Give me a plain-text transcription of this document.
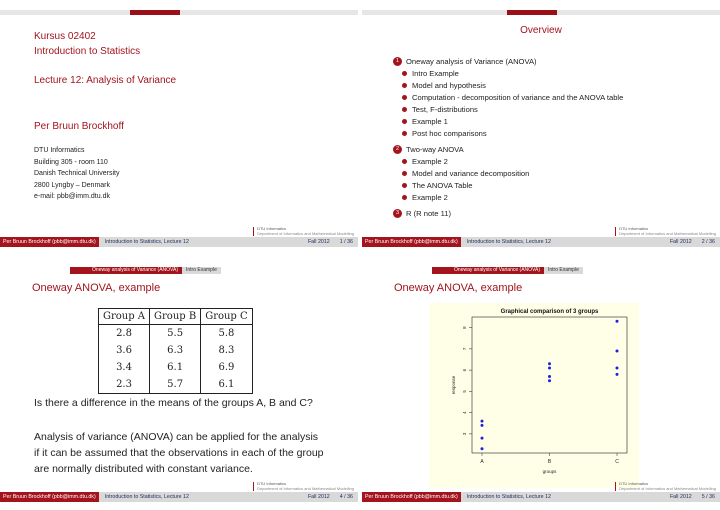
Kursus 02402
Introduction to Statistics
Lecture 12: Analysis of Variance
Per Bruun Brockhoff
DTU Informatics
Building 305 - room 110
Danish Technical University
2800 Lyngby – Denmark
e-mail: pbb@imm.dtu.dk
DTU Informatics
Department of Informatics and Mathematical Modelling
Per Bruun Brockhoff (pbb@imm.dtu.dk)	Introduction to Statistics, Lecture 12	Fall 2012	1 / 36
Overview
1 Oneway analysis of Variance (ANOVA)
Intro Example
Model and hypothesis
Computation - decomposition of variance and the ANOVA table
Test, F-distributions
Example 1
Post hoc comparisons
2 Two-way ANOVA
Example 2
Model and variance decomposition
The ANOVA Table
Example 2
3 R (R note 11)
DTU Informatics
Department of Informatics and Mathematical Modelling
Per Bruun Brockhoff (pbb@imm.dtu.dk)	Introduction to Statistics, Lecture 12	Fall 2012	2 / 36
Oneway analysis of Variance (ANOVA)	Intro Example
Oneway ANOVA, example
Group A	Group B	Group C
2.8	5.5	5.8
3.6	6.3	8.3
3.4	6.1	6.9
2.3	5.7	6.1
Is there a difference in the means of the groups A, B and C?
Analysis of variance (ANOVA) can be applied for the analysis if it can be assumed that the observations in each of the group are normally distributed with constant variance.
DTU Informatics
Department of Informatics and Mathematical Modelling
Per Bruun Brockhoff (pbb@imm.dtu.dk)	Introduction to Statistics, Lecture 12	Fall 2012	4 / 36
Oneway analysis of Variance (ANOVA)	Intro Example
Oneway ANOVA, example
Graphical comparison of 3 groups
3
4
5
6
7
8
A	B	C
groups
response
DTU Informatics
Department of Informatics and Mathematical Modelling
Per Bruun Brockhoff (pbb@imm.dtu.dk)	Introduction to Statistics, Lecture 12	Fall 2012	5 / 36
